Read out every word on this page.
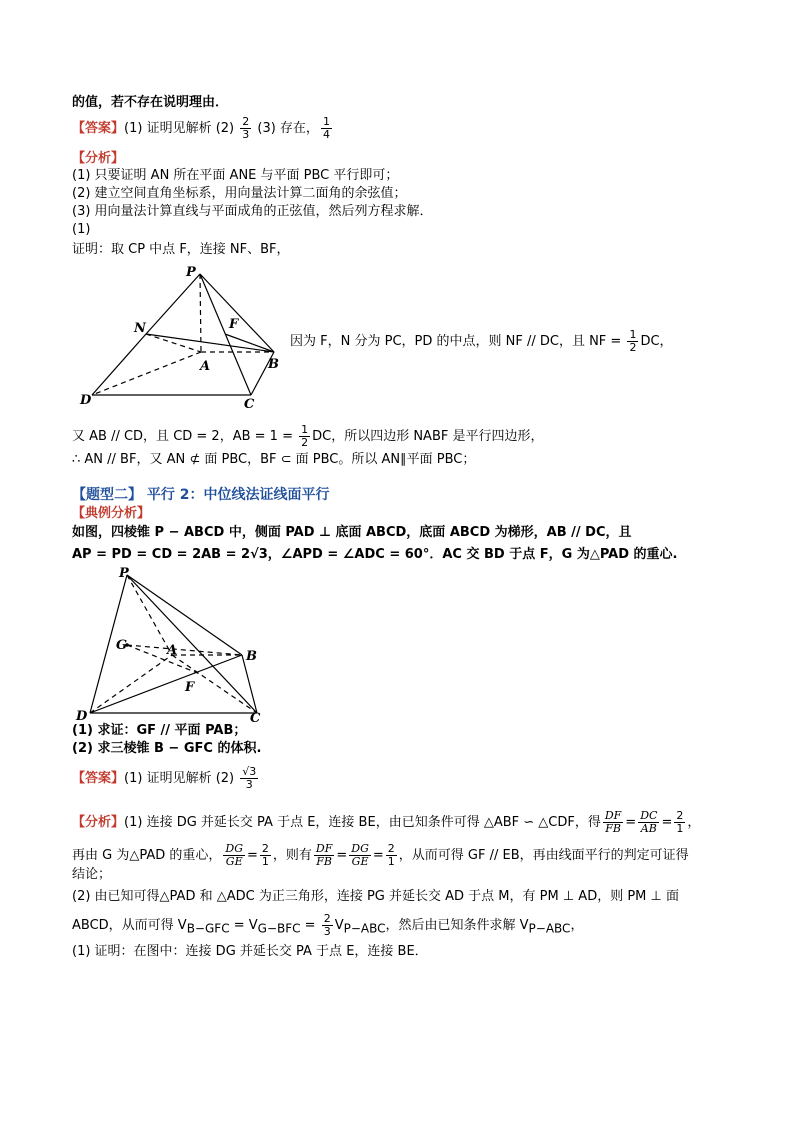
的值，若不存在说明理由．
【答案】(1) 证明见解析 $(2) \frac{2}{3} (3)$ 存在， $\frac{1}{4}$
【分析】
(1) 只要证明 AN 所在平面 ANE 与平面 PBC 平行即可；
(2) 建立空间直角坐标系，用向量法计算二面角的余弦值；
(3) 用向量法计算直线与平面成角的正弦值，然后列方程求解．
(1)
证明：取 CP 中点 F，连接 NF、BF，
P
N	F
A	B
D	C
因为 F，N 分为 PC，PD 的中点，则 NF // DC，且 NF = $\frac{1}{2}$ DC，
又 AB // CD，且 CD = 2，AB = $1 = \frac{1}{2}$ DC，所以四边形 NABF 是平行四边形，
∴ AN // BF，又 AN ⊄ 面 PBC，BF ⊂ 面 PBC。所以 AN∥平面 PBC；
【题型二】 平行 2：中位线法证线面平行
【典例分析】
如图，四棱锥 P − ABCD 中，侧面 PAD ⊥ 底面 ABCD，底面 ABCD 为梯形，AB // DC，且
AP = PD = CD = 2AB = 2√3，∠APD = ∠ADC = 60°．AC 交 BD 于点 F，G 为△PAD 的重心.
P
G	A	B
F
D	C
(1) 求证：GF // 平面 PAB；
(2) 求三棱锥 B − GFC 的体积.
【答案】(1) 证明见解析 $(2) \frac{√3}{3}$
【分析】(1) 连接 DG 并延长交 PA 于点 E，连接 BE，由已知条件可得 △ABF ∽ △CDF，得 $\frac{DF}{FB} = \frac{DC}{AB} = \frac{2}{1}$ ，
再由 G 为△PAD 的重心， $\frac{DG}{GE} = \frac{2}{1}$ ，则有 $\frac{DF}{FB} = \frac{DG}{GE} = \frac{2}{1}$ ，从而可得 GF // EB，再由线面平行的判定可证得
结论；
(2) 由已知可得△PAD 和 △ADC 为正三角形，连接 PG 并延长交 AD 于点 M，有 PM ⊥ AD，则 PM ⊥ 面
ABCD，从而可得 $V_{B-GFC} = V_{G-BFC} = \frac{2}{3} V_{P-ABC}$，然后由已知条件求解 $V_{P-ABC}$，
(1) 证明：在图中：连接 DG 并延长交 PA 于点 E，连接 BE．
